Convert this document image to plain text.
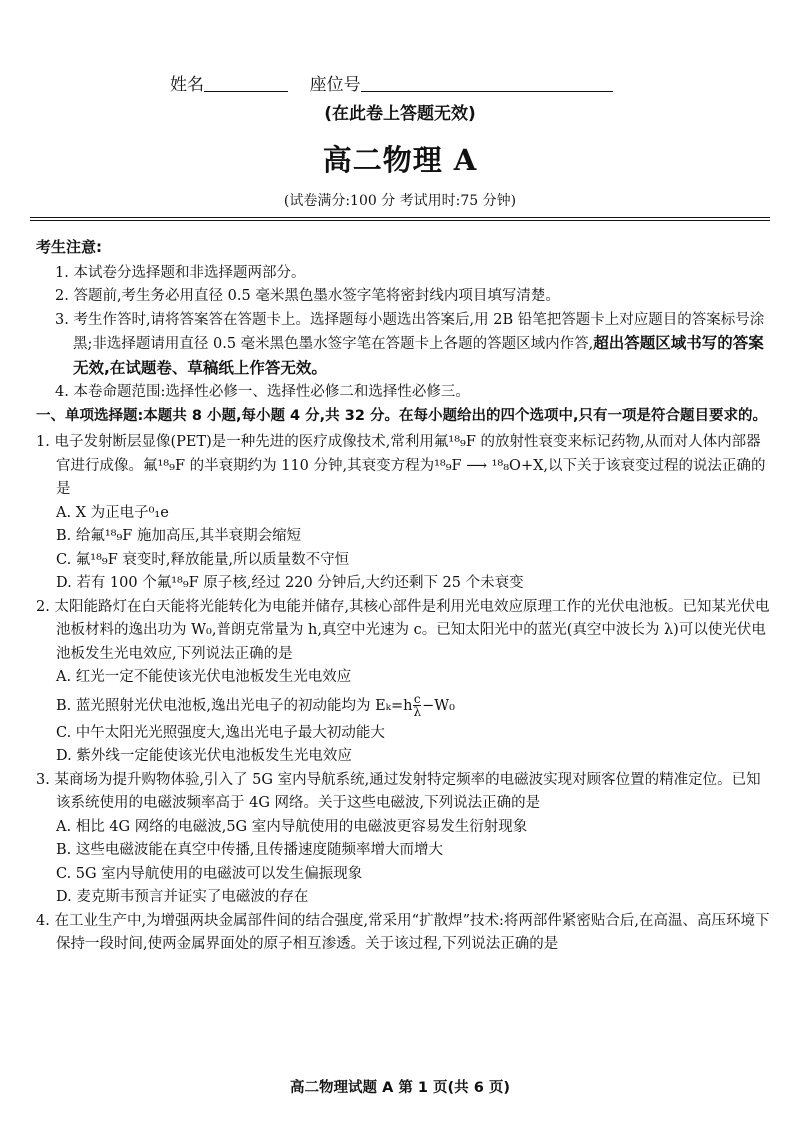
姓名	座位号
(在此卷上答题无效)
高二物理 A
(试卷满分:100 分 考试用时:75 分钟)

考生注意:

1. 本试卷分选择题和非选择题两部分。

2. 答题前,考生务必用直径 0.5 毫米黑色墨水签字笔将密封线内项目填写清楚。

3. 考生作答时,请将答案答在答题卡上。选择题每小题选出答案后,用 2B 铅笔把答题卡上对应题目的答案标号涂黑;非选择题请用直径 0.5 毫米黑色墨水签字笔在答题卡上各题的答题区域内作答,超出答题区域书写的答案无效,在试题卷、草稿纸上作答无效。

4. 本卷命题范围:选择性必修一、选择性必修二和选择性必修三。

一、单项选择题:本题共 8 小题,每小题 4 分,共 32 分。在每小题给出的四个选项中,只有一项是符合题目要求的。

1. 电子发射断层显像(PET)是一种先进的医疗成像技术,常利用氟¹⁸₉F 的放射性衰变来标记药物,从而对人体内部器官进行成像。氟¹⁸₉F 的半衰期约为 110 分钟,其衰变方程为¹⁸₉F ⟶ ¹⁸₈O+X,以下关于该衰变过程的说法正确的是

A. X 为正电子⁰₁e

B. 给氟¹⁸₉F 施加高压,其半衰期会缩短

C. 氟¹⁸₉F 衰变时,释放能量,所以质量数不守恒

D. 若有 100 个氟¹⁸₉F 原子核,经过 220 分钟后,大约还剩下 25 个未衰变

2. 太阳能路灯在白天能将光能转化为电能并储存,其核心部件是利用光电效应原理工作的光伏电池板。已知某光伏电池板材料的逸出功为 W₀,普朗克常量为 h,真空中光速为 c。已知太阳光中的蓝光(真空中波长为 λ)可以使光伏电池板发生光电效应,下列说法正确的是

A. 红光一定不能使该光伏电池板发生光电效应

B. 蓝光照射光伏电池板,逸出光电子的初动能均为 $E_k=h \frac{c}{\lambda} -W_0$

C. 中午太阳光光照强度大,逸出光电子最大初动能大

D. 紫外线一定能使该光伏电池板发生光电效应

3. 某商场为提升购物体验,引入了 5G 室内导航系统,通过发射特定频率的电磁波实现对顾客位置的精准定位。已知该系统使用的电磁波频率高于 4G 网络。关于这些电磁波,下列说法正确的是

A. 相比 4G 网络的电磁波,5G 室内导航使用的电磁波更容易发生衍射现象

B. 这些电磁波能在真空中传播,且传播速度随频率增大而增大

C. 5G 室内导航使用的电磁波可以发生偏振现象

D. 麦克斯韦预言并证实了电磁波的存在

4. 在工业生产中,为增强两块金属部件间的结合强度,常采用“扩散焊”技术:将两部件紧密贴合后,在高温、高压环境下保持一段时间,使两金属界面处的原子相互渗透。关于该过程,下列说法正确的是

高二物理试题 A 第 1 页(共 6 页)
